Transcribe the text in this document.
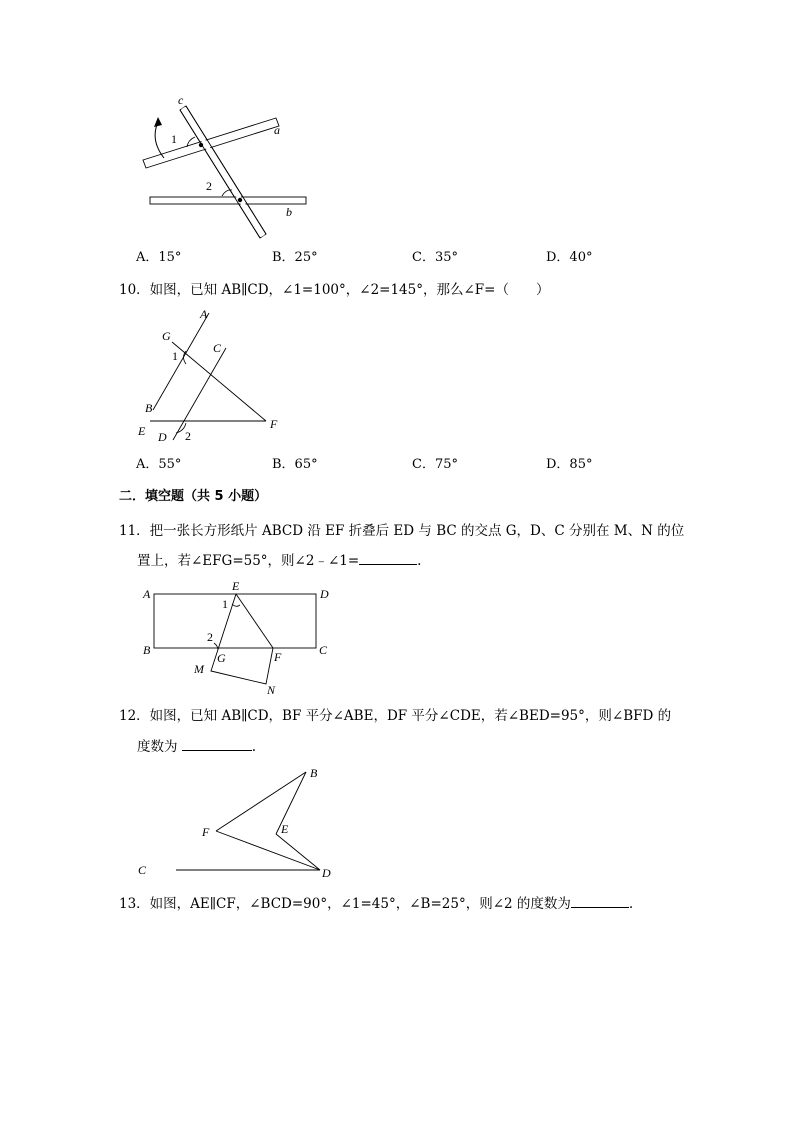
c
a
b
1
2
A．15°	B．25°	C．35°	D．40°
10．如图，已知 AB∥CD，∠1=100°，∠2=145°，那么∠F=（　　）
A
G
C
1
B
E D 2
F
A．55°	B．65°	C．75°	D．85°
二．填空题（共 5 小题）
11．把一张长方形纸片 ABCD 沿 EF 折叠后 ED 与 BC 的交点 G，D、C 分别在 M、N 的位
置上，若∠EFG=55°，则∠2﹣∠1=	.
A
E
D
1
2
B
G	F	C
M
N
12．如图，已知 AB∥CD，BF 平分∠ABE，DF 平分∠CDE，若∠BED=95°，则∠BFD 的
度数为	.
B
F	E
C	D
13．如图，AE∥CF，∠BCD=90°，∠1=45°，∠B=25°，则∠2 的度数为	.
